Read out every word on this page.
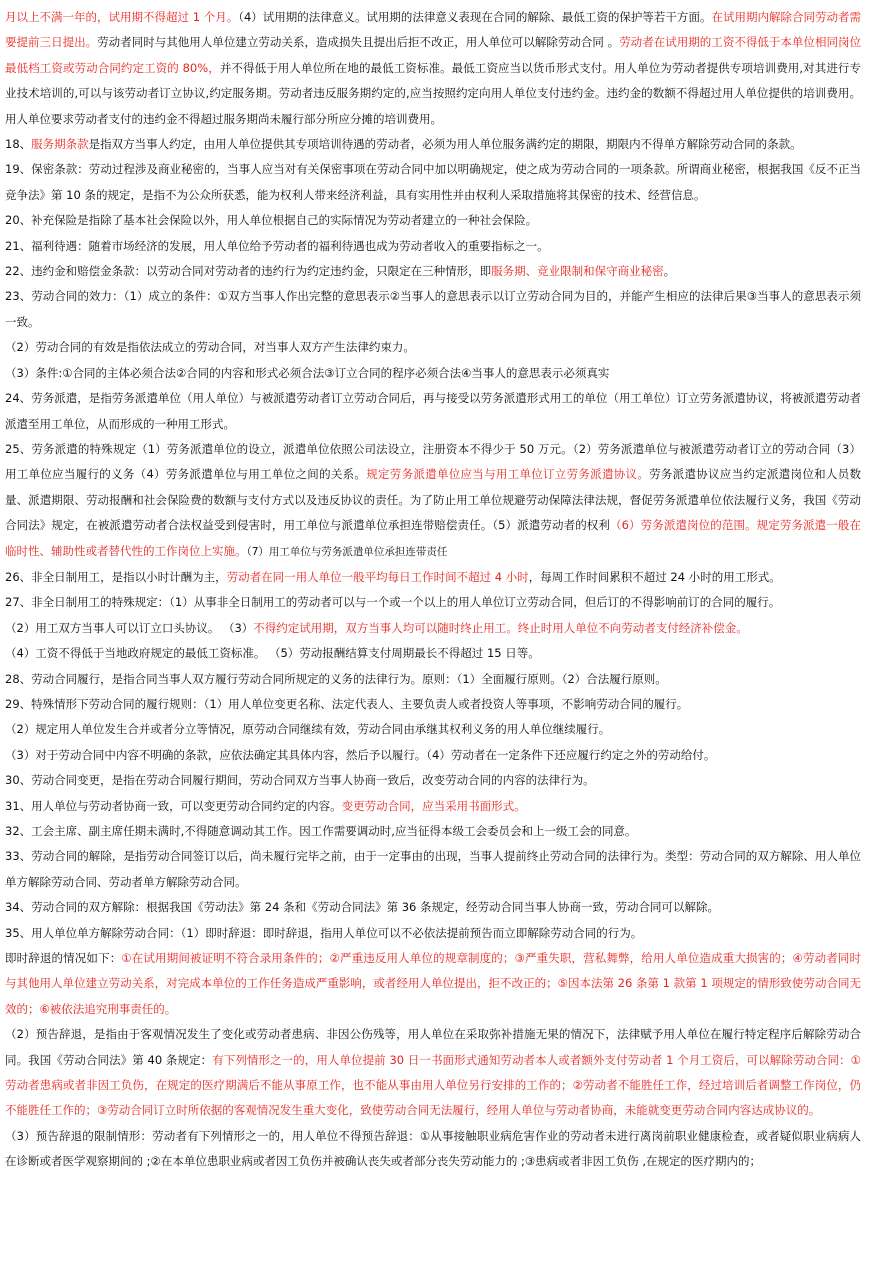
月以上不满一年的，试用期不得超过 1 个月。（4）试用期的法律意义。试用期的法律意义表现在合同的解除、最低工资的保护等若干方面。在试用期内解除合同劳动者需要提前三日提出。劳动者同时与其他用人单位建立劳动关系，造成损失且提出后拒不改正，用人单位可以解除劳动合同 。劳动者在试用期的工资不得低于本单位相同岗位最低档工资或劳动合同约定工资的 80%，并不得低于用人单位所在地的最低工资标准。最低工资应当以货币形式支付。用人单位为劳动者提供专项培训费用,对其进行专业技术培训的,可以与该劳动者订立协议,约定服务期。劳动者违反服务期约定的,应当按照约定向用人单位支付违约金。违约金的数额不得超过用人单位提供的培训费用。用人单位要求劳动者支付的违约金不得超过服务期尚未履行部分所应分摊的培训费用。

18、服务期条款是指双方当事人约定，由用人单位提供其专项培训待遇的劳动者，必须为用人单位服务满约定的期限，期限内不得单方解除劳动合同的条款。

19、保密条款：劳动过程涉及商业秘密的，当事人应当对有关保密事项在劳动合同中加以明确规定，使之成为劳动合同的一项条款。所谓商业秘密，根据我国《反不正当竞争法》第 10 条的规定，是指不为公众所获悉，能为权利人带来经济利益，具有实用性并由权利人采取措施将其保密的技术、经营信息。

20、补充保险是指除了基本社会保险以外，用人单位根据自己的实际情况为劳动者建立的一种社会保险。

21、福利待遇：随着市场经济的发展，用人单位给予劳动者的福利待遇也成为劳动者收入的重要指标之一。

22、违约金和赔偿金条款：以劳动合同对劳动者的违约行为约定违约金，只限定在三种情形，即服务期、竞业限制和保守商业秘密。

23、劳动合同的效力：（1）成立的条件：①双方当事人作出完整的意思表示②当事人的意思表示以订立劳动合同为目的，并能产生相应的法律后果③当事人的意思表示须一致。

（2）劳动合同的有效是指依法成立的劳动合同，对当事人双方产生法律约束力。

（3）条件:①合同的主体必须合法②合同的内容和形式必须合法③订立合同的程序必须合法④当事人的意思表示必须真实

24、劳务派遣，是指劳务派遣单位（用人单位）与被派遣劳动者订立劳动合同后，再与接受以劳务派遣形式用工的单位（用工单位）订立劳务派遣协议，将被派遣劳动者派遣至用工单位，从而形成的一种用工形式。

25、劳务派遣的特殊规定（1）劳务派遣单位的设立，派遣单位依照公司法设立，注册资本不得少于 50 万元。（2）劳务派遣单位与被派遣劳动者订立的劳动合同（3）用工单位应当履行的义务（4）劳务派遣单位与用工单位之间的关系。规定劳务派遣单位应当与用工单位订立劳务派遣协议。劳务派遣协议应当约定派遣岗位和人员数量、派遣期限、劳动报酬和社会保险费的数额与支付方式以及违反协议的责任。为了防止用工单位规避劳动保障法律法规，督促劳务派遣单位依法履行义务，我国《劳动合同法》规定，在被派遣劳动者合法权益受到侵害时，用工单位与派遣单位承担连带赔偿责任。（5）派遣劳动者的权利（6）劳务派遣岗位的范围。规定劳务派遣一般在临时性、辅助性或者替代性的工作岗位上实施。（7）用工单位与劳务派遣单位承担连带责任

26、非全日制用工，是指以小时计酬为主，劳动者在同一用人单位一般平均每日工作时间不超过 4 小时，每周工作时间累积不超过 24 小时的用工形式。

27、非全日制用工的特殊规定：（1）从事非全日制用工的劳动者可以与一个或一个以上的用人单位订立劳动合同，但后订的不得影响前订的合同的履行。

（2）用工双方当事人可以订立口头协议。 （3）不得约定试用期，双方当事人均可以随时终止用工。终止时用人单位不向劳动者支付经济补偿金。

（4）工资不得低于当地政府规定的最低工资标准。 （5）劳动报酬结算支付周期最长不得超过 15 日等。

28、劳动合同履行，是指合同当事人双方履行劳动合同所规定的义务的法律行为。原则：（1）全面履行原则。（2）合法履行原则。

29、特殊情形下劳动合同的履行规则：（1）用人单位变更名称、法定代表人、主要负责人或者投资人等事项，不影响劳动合同的履行。

（2）规定用人单位发生合并或者分立等情况，原劳动合同继续有效，劳动合同由承继其权利义务的用人单位继续履行。

（3）对于劳动合同中内容不明确的条款，应依法确定其具体内容，然后予以履行。（4）劳动者在一定条件下还应履行约定之外的劳动给付。

30、劳动合同变更，是指在劳动合同履行期间，劳动合同双方当事人协商一致后，改变劳动合同的内容的法律行为。

31、用人单位与劳动者协商一致，可以变更劳动合同约定的内容。变更劳动合同，应当采用书面形式。

32、工会主席、副主席任期未满时,不得随意调动其工作。因工作需要调动时,应当征得本级工会委员会和上一级工会的同意。

33、劳动合同的解除，是指劳动合同签订以后，尚未履行完毕之前，由于一定事由的出现，当事人提前终止劳动合同的法律行为。类型：劳动合同的双方解除、用人单位单方解除劳动合同、劳动者单方解除劳动合同。

34、劳动合同的双方解除：根据我国《劳动法》第 24 条和《劳动合同法》第 36 条规定，经劳动合同当事人协商一致，劳动合同可以解除。

35、用人单位单方解除劳动合同：（1）即时辞退：即时辞退，指用人单位可以不必依法提前预告而立即解除劳动合同的行为。

即时辞退的情况如下：①在试用期间被证明不符合录用条件的；②严重违反用人单位的规章制度的；③严重失职，营私舞弊，给用人单位造成重大损害的；④劳动者同时与其他用人单位建立劳动关系，对完成本单位的工作任务造成严重影响，或者经用人单位提出，拒不改正的；⑤因本法第 26 条第 1 款第 1 项规定的情形致使劳动合同无效的；⑥被依法追究刑事责任的。

（2）预告辞退，是指由于客观情况发生了变化或劳动者患病、非因公伤残等，用人单位在采取弥补措施无果的情况下，法律赋予用人单位在履行特定程序后解除劳动合同。我国《劳动合同法》第 40 条规定：有下列情形之一的，用人单位提前 30 日一书面形式通知劳动者本人或者额外支付劳动者 1 个月工资后，可以解除劳动合同：①劳动者患病或者非因工负伤，在规定的医疗期满后不能从事原工作，也不能从事由用人单位另行安排的工作的；②劳动者不能胜任工作，经过培训后者调整工作岗位，仍不能胜任工作的；③劳动合同订立时所依据的客观情况发生重大变化，致使劳动合同无法履行，经用人单位与劳动者协商，未能就变更劳动合同内容达成协议的。

（3）预告辞退的限制情形：劳动者有下列情形之一的，用人单位不得预告辞退：①从事接触职业病危害作业的劳动者未进行离岗前职业健康检查，或者疑似职业病病人在诊断或者医学观察期间的 ;②在本单位患职业病或者因工负伤并被确认丧失或者部分丧失劳动能力的 ;③患病或者非因工负伤 ,在规定的医疗期内的；
